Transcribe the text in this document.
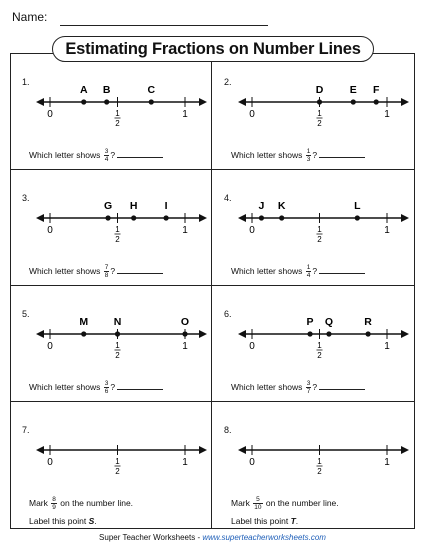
Name:
Estimating Fractions on Number Lines
1.
0	1
1
2
A B	C
Which letter shows $\frac{3}{4}$ ?
2.
0	1
1
2
D	E F
Which letter shows $\frac{1}{3}$ ?
3.
0	1
1
2
G H	I
Which letter shows $\frac{7}{8}$ ?
4.
0	1
1
2
J K	L
Which letter shows $\frac{1}{4}$ ?
5.
0	1
1
2
M N	O
Which letter shows $\frac{3}{6}$ ?
6.
0	1
1
2
P Q	R
Which letter shows $\frac{3}{7}$ ?
7.
0	1
1
2
Mark $\frac{8}{9}$ on the number line.
Label this point S.
8.
0	1
1
2
Mark $\frac{5}{10}$ on the number line.
Label this point T.
Super Teacher Worksheets - www.superteacherworksheets.com
